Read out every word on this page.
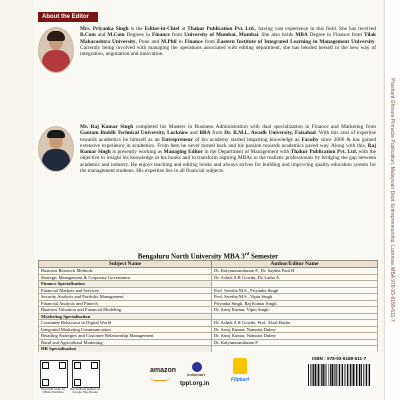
Prashant Ghinare Pinnacle Publication, Malaysian Dept. Entrepreneurship, Lucknow, MBA 978-93-6188-611-7
About the Editor
Mrs. Priyanka Singh is the Editor-in-Chief at Thakur Publication Pvt. Ltd., having vast experience in this field. She has received B.Com and M.Com Degrees in Finance from University of Mumbai, Mumbai. She also holds MBA Degree in Finance from Tilak Maharashtra University, Pune and M.Phil in Finance from Eastern Institute of Integrated Learning in Management University. Currently being involved with managing the operations associated with editing department, she has bended herself to the new way of integration, negotiation and innovation.
Mr. Raj Kumar Singh completed his Masters in Business Administration with dual specialization in Finance and Marketing from Gautam Buddh Technical University, Lucknow and BBA from Dr. R.M.L. Awadh University, Faizabad. With this zeal of expertise towards academics he himself as an Entrepreneur of his academy started imparting knowledge as Faculty since 2006 & has gained extensive experience in academics. From here he never turned back and his passion towards academics paved way. Along with this, Raj Kumar Singh is presently working as Managing Editor in the Department of Management with Thakur Publication Pvt. Ltd. with the objective to insight his knowledge in his books and to transform aspiring MBAs to the realistic professionals by bridging the gap between academic and industry. He enjoys teaching and editing books and always strives for building and improving quality education system for the management students. His expertise lies in all financial subjects.
Bengaluru North University MBA 3rd Semester
Subject Name	Author/Editor Name
Business Research Methods	Dr. Kalyanasundaram P., Dr. Sujitha Paul H
Strategic Management & Corporate Governance	Dr. Ashok A R Gowda, Dr. Latha A.
Finance Specialisation	
Financial Markets and Services	Prof. Swetha M.S., Priyanka Singh
Security Analysis and Portfolio Management	Prof. Swetha M.S., Vipin Singh
Financial Analysis and Fintech	Priyanka Singh, Raj Kumar Singh
Business Valuation and Financial Modeling	Dr. Saroj Kumar, Vipin Singh
Marketing Specialisation	
Consumer Behaviour in Digital World	Dr. Ashok A R Gowda, Prof. Afzal Basha
Integrated Marketing Communication	Dr. Saroj Kumar, Namrata Dubey
Retailing Strategies and Customer Relationship Management	Dr. Saroj Kumar, Namrata Dubey
Rural and Agricultural Marketing	Dr. Kalyanasundaram P.
HR Specialisation	

Scan QR Code for Official WebSite
Buy E-Book Edition at Google Play Books
amazon
indiamart
Flipkart
tppl.org.in
ISBN : 978-93-6188-611-7
